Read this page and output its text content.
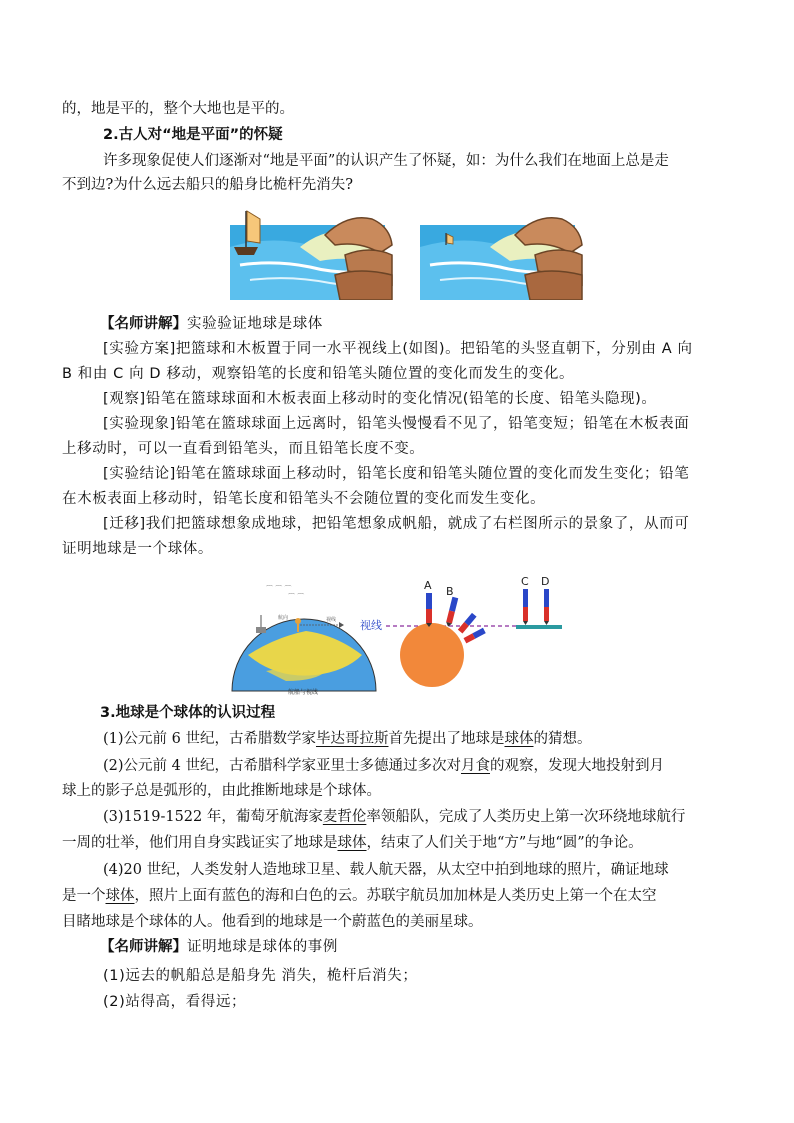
的，地是平的，整个大地也是平的。

2.古人对“地是平面”的怀疑

许多现象促使人们逐渐对“地是平面”的认识产生了怀疑，如：为什么我们在地面上总是走

不到边?为什么远去船只的船身比桅杆先消失?

【名师讲解】实验验证地球是球体

[实验方案]把篮球和木板置于同一水平视线上(如图)。把铅笔的头竖直朝下，分别由 A 向

B 和由 C 向 D 移动，观察铅笔的长度和铅笔头随位置的变化而发生的变化。

[观察]铅笔在篮球球面和木板表面上移动时的变化情况(铅笔的长度、铅笔头隐现)。

[实验现象]铅笔在篮球球面上远离时，铅笔头慢慢看不见了，铅笔变短；铅笔在木板表面

上移动时，可以一直看到铅笔头，而且铅笔长度不变。

[实验结论]铅笔在篮球球面上移动时，铅笔长度和铅笔头随位置的变化而发生变化；铅笔

在木板表面上移动时，铅笔长度和铅笔头不会随位置的变化而发生变化。

[迁移]我们把篮球想象成地球，把铅笔想象成帆船，就成了右栏图所示的景象了，从而可

证明地球是一个球体。

⌒ ⌒ ⌒
⌒ ⌒
航向	视线
航船与视线
视线
A B
C D

3.地球是个球体的认识过程

(1)公元前 6 世纪，古希腊数学家毕达哥拉斯首先提出了地球是球体的猜想。

(2)公元前 4 世纪，古希腊科学家亚里士多德通过多次对月食的观察，发现大地投射到月

球上的影子总是弧形的，由此推断地球是个球体。

(3)1519-1522 年，葡萄牙航海家麦哲伦率领船队，完成了人类历史上第一次环绕地球航行

一周的壮举，他们用自身实践证实了地球是球体，结束了人们关于地“方”与地“圆”的争论。

(4)20 世纪，人类发射人造地球卫星、载人航天器，从太空中拍到地球的照片，确证地球

是一个球体，照片上面有蓝色的海和白色的云。苏联宇航员加加林是人类历史上第一个在太空

目睹地球是个球体的人。他看到的地球是一个蔚蓝色的美丽星球。

【名师讲解】证明地球是球体的事例

(1)远去的帆船总是船身先 消失，桅杆后消失；

(2)站得高，看得远；
